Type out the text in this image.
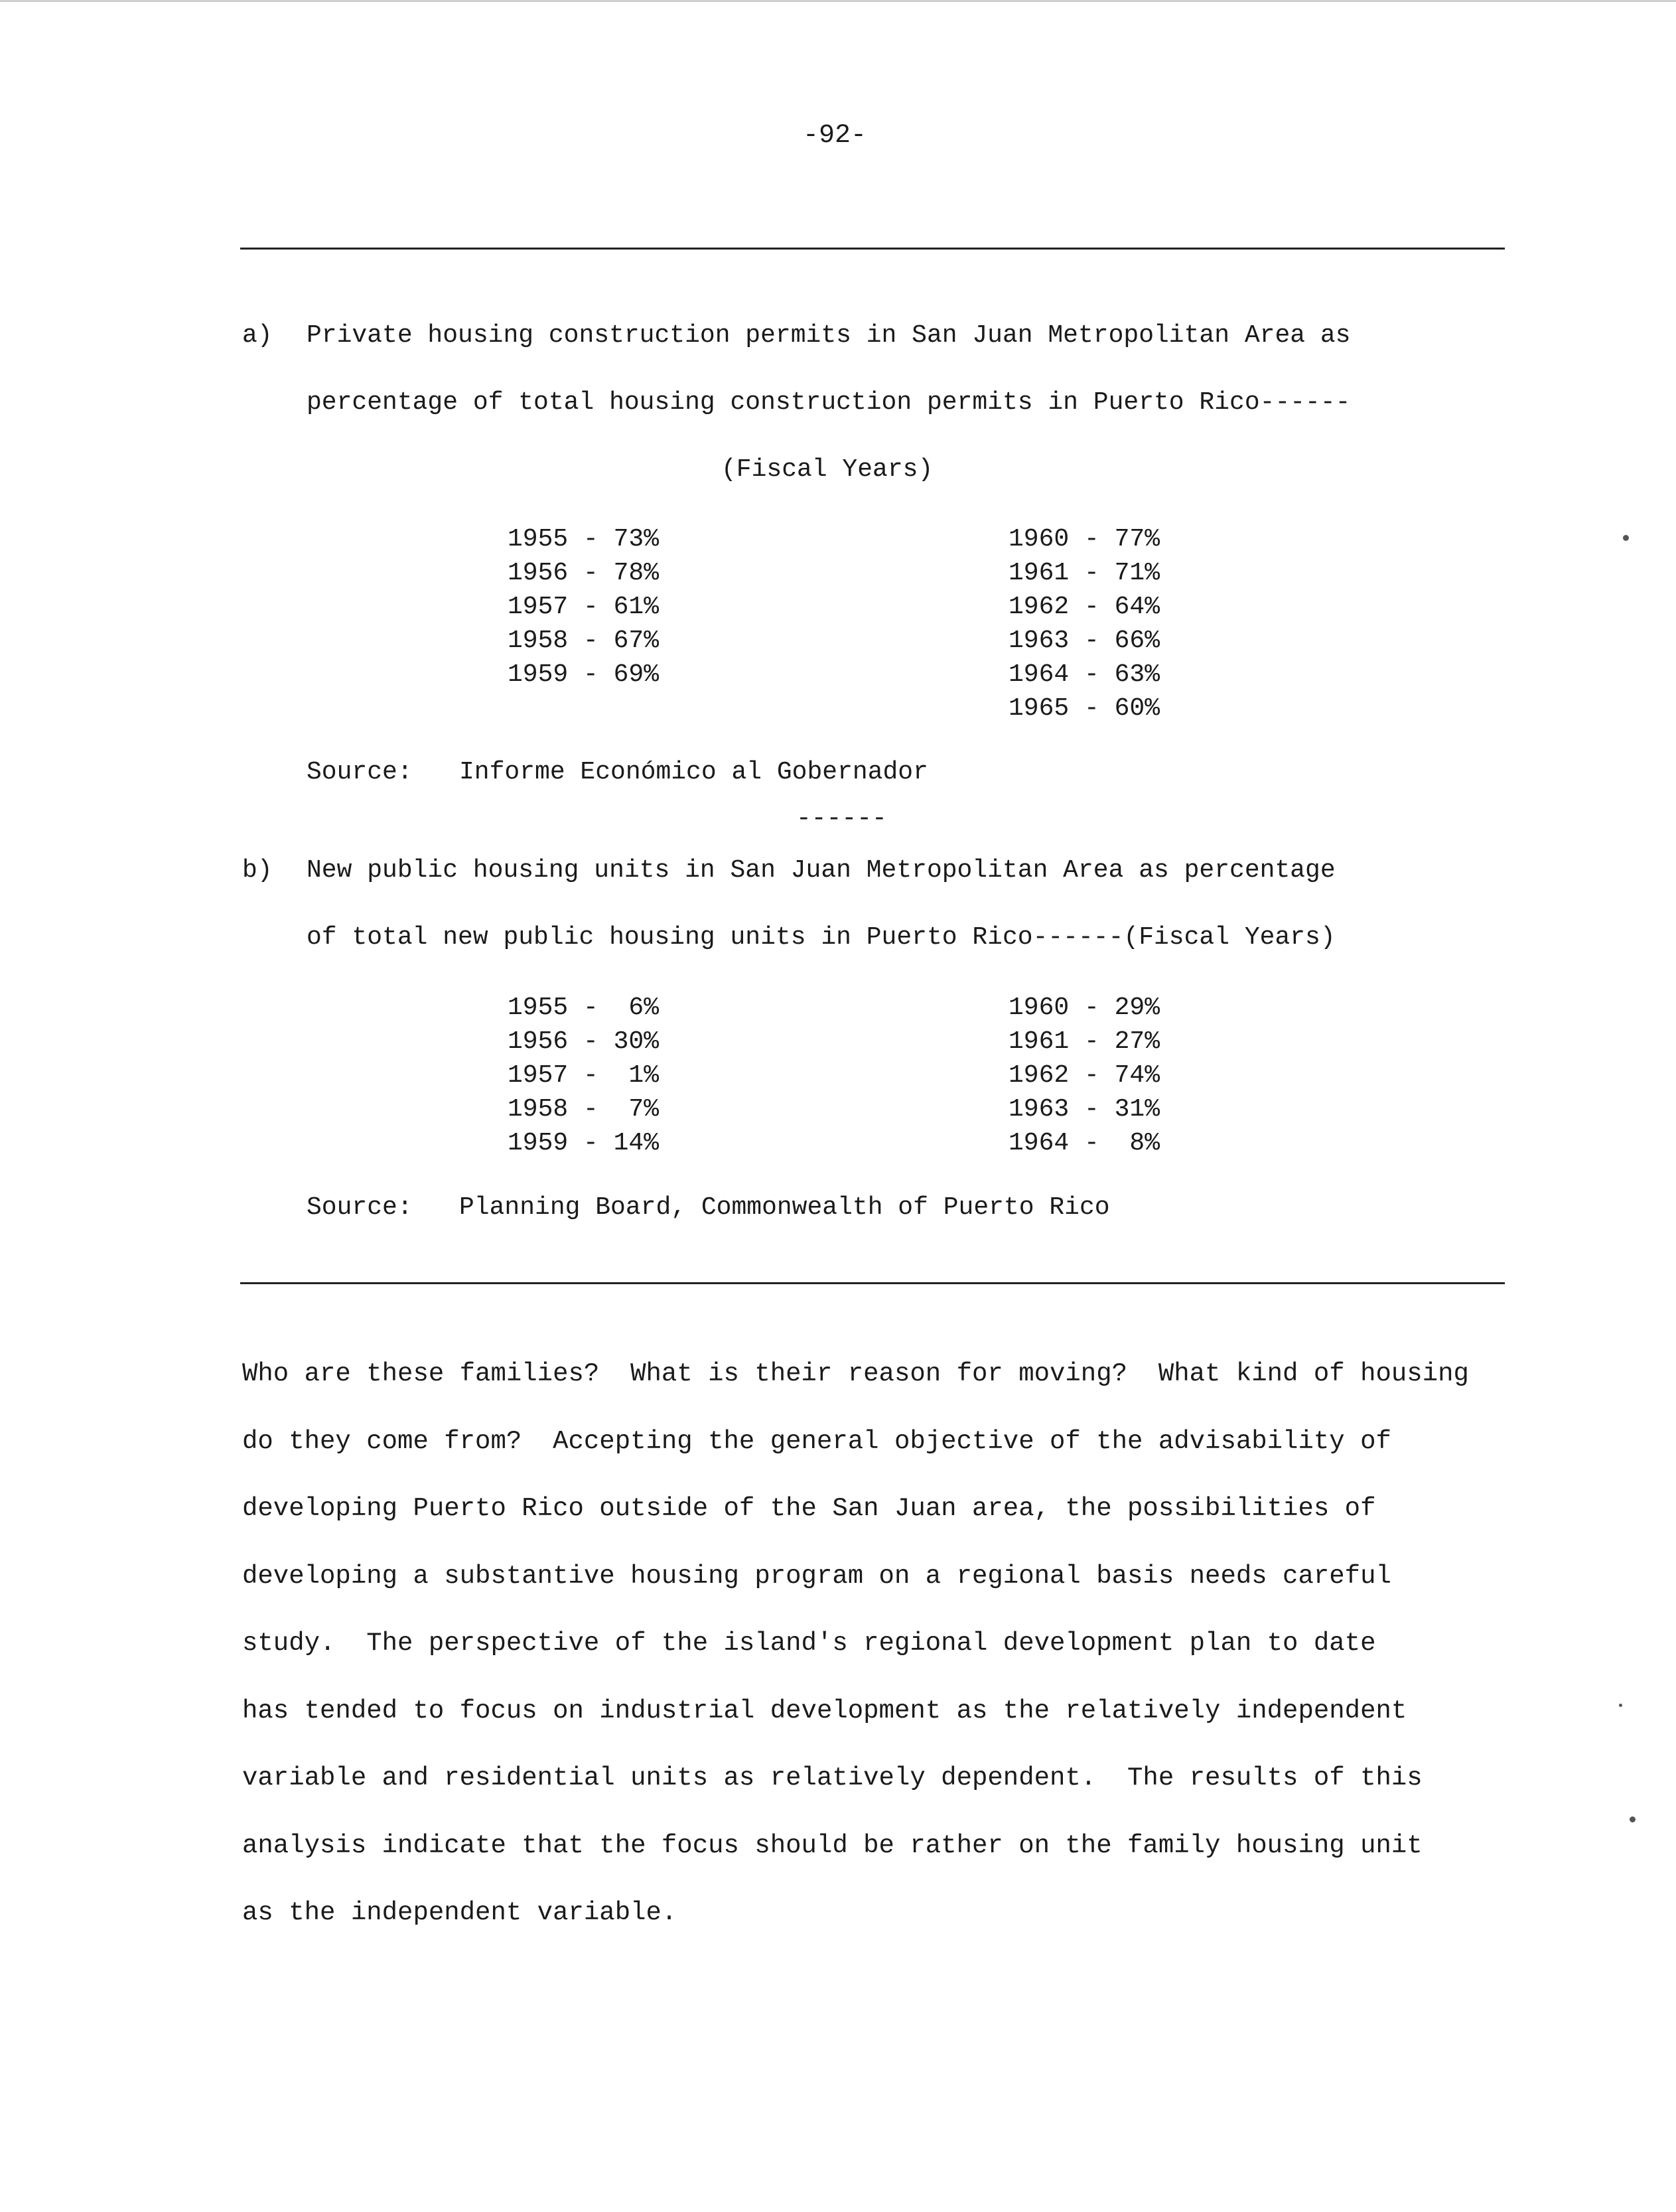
-92-
a) Private housing construction permits in San Juan Metropolitan Area as
percentage of total housing construction permits in Puerto Rico------
(Fiscal Years)
1955 - 73%
1956 - 78%
1957 - 61%
1958 - 67%
1959 - 69%
1960 - 77%
1961 - 71%
1962 - 64%
1963 - 66%
1964 - 63%
1965 - 60%
Source: Informe Económico al Gobernador
------
b) New public housing units in San Juan Metropolitan Area as percentage
of total new public housing units in Puerto Rico------(Fiscal Years)
1955 -  6%
1956 - 30%
1957 -  1%
1958 -  7%
1959 - 14%
1960 - 29%
1961 - 27%
1962 - 74%
1963 - 31%
1964 -  8%
Source: Planning Board, Commonwealth of Puerto Rico
Who are these families?  What is their reason for moving?  What kind of housing
do they come from?  Accepting the general objective of the advisability of
developing Puerto Rico outside of the San Juan area, the possibilities of
developing a substantive housing program on a regional basis needs careful
study.  The perspective of the island's regional development plan to date
has tended to focus on industrial development as the relatively independent
variable and residential units as relatively dependent.  The results of this
analysis indicate that the focus should be rather on the family housing unit
as the independent variable.
